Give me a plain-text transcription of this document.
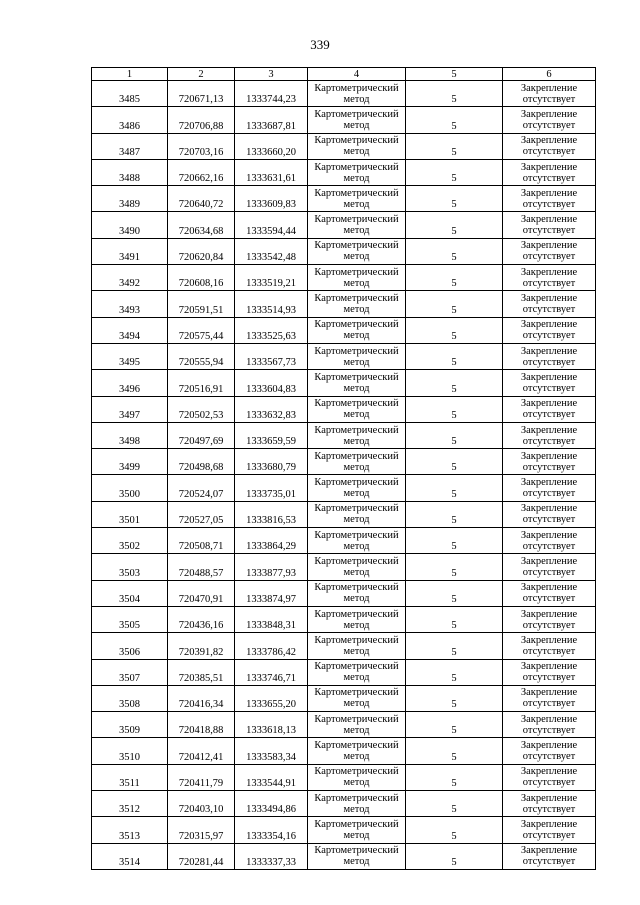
339
1	2	3	4	5	6
3485	720671,13	1333744,23	Картометрический метод	5	Закрепление отсутствует
3486	720706,88	1333687,81	Картометрический метод	5	Закрепление отсутствует
3487	720703,16	1333660,20	Картометрический метод	5	Закрепление отсутствует
3488	720662,16	1333631,61	Картометрический метод	5	Закрепление отсутствует
3489	720640,72	1333609,83	Картометрический метод	5	Закрепление отсутствует
3490	720634,68	1333594,44	Картометрический метод	5	Закрепление отсутствует
3491	720620,84	1333542,48	Картометрический метод	5	Закрепление отсутствует
3492	720608,16	1333519,21	Картометрический метод	5	Закрепление отсутствует
3493	720591,51	1333514,93	Картометрический метод	5	Закрепление отсутствует
3494	720575,44	1333525,63	Картометрический метод	5	Закрепление отсутствует
3495	720555,94	1333567,73	Картометрический метод	5	Закрепление отсутствует
3496	720516,91	1333604,83	Картометрический метод	5	Закрепление отсутствует
3497	720502,53	1333632,83	Картометрический метод	5	Закрепление отсутствует
3498	720497,69	1333659,59	Картометрический метод	5	Закрепление отсутствует
3499	720498,68	1333680,79	Картометрический метод	5	Закрепление отсутствует
3500	720524,07	1333735,01	Картометрический метод	5	Закрепление отсутствует
3501	720527,05	1333816,53	Картометрический метод	5	Закрепление отсутствует
3502	720508,71	1333864,29	Картометрический метод	5	Закрепление отсутствует
3503	720488,57	1333877,93	Картометрический метод	5	Закрепление отсутствует
3504	720470,91	1333874,97	Картометрический метод	5	Закрепление отсутствует
3505	720436,16	1333848,31	Картометрический метод	5	Закрепление отсутствует
3506	720391,82	1333786,42	Картометрический метод	5	Закрепление отсутствует
3507	720385,51	1333746,71	Картометрический метод	5	Закрепление отсутствует
3508	720416,34	1333655,20	Картометрический метод	5	Закрепление отсутствует
3509	720418,88	1333618,13	Картометрический метод	5	Закрепление отсутствует
3510	720412,41	1333583,34	Картометрический метод	5	Закрепление отсутствует
3511	720411,79	1333544,91	Картометрический метод	5	Закрепление отсутствует
3512	720403,10	1333494,86	Картометрический метод	5	Закрепление отсутствует
3513	720315,97	1333354,16	Картометрический метод	5	Закрепление отсутствует
3514	720281,44	1333337,33	Картометрический метод	5	Закрепление отсутствует
